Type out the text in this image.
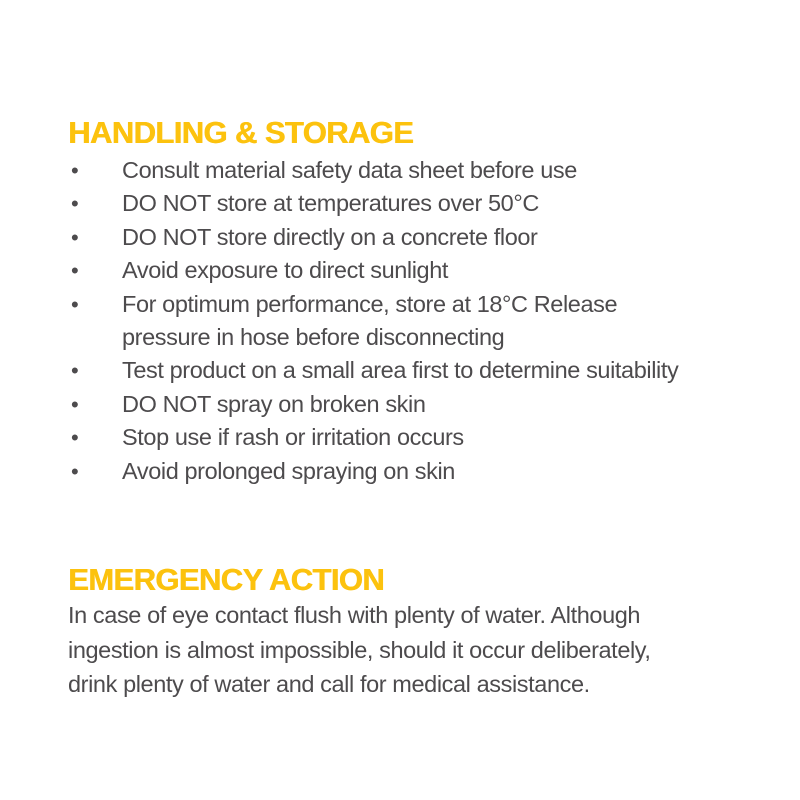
HANDLING & STORAGE
• Consult material safety data sheet before use
• DO NOT store at temperatures over 50°C
• DO NOT store directly on a concrete floor
• Avoid exposure to direct sunlight
• For optimum performance, store at 18°C Release
pressure in hose before disconnecting
• Test product on a small area first to determine suitability
• DO NOT spray on broken skin
• Stop use if rash or irritation occurs
• Avoid prolonged spraying on skin
EMERGENCY ACTION

In case of eye contact flush with plenty of water. Although
ingestion is almost impossible, should it occur deliberately,
drink plenty of water and call for medical assistance.
